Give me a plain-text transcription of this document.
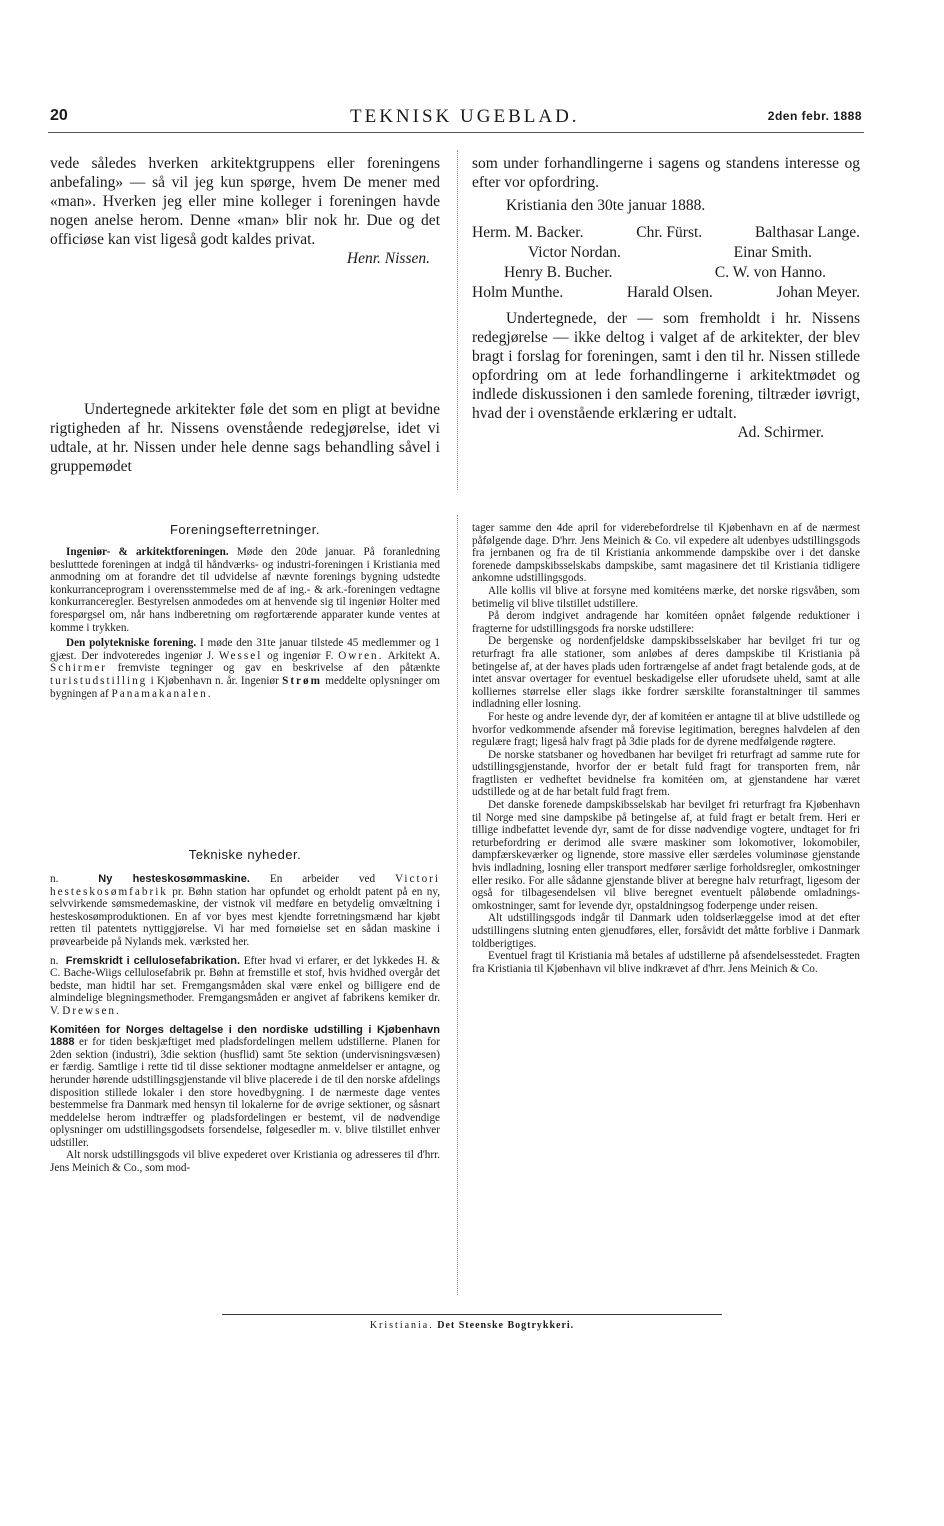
20	TEKNISK UGEBLAD.	2den febr. 1888

vede således hverken arkitektgruppens eller foreningens anbefaling» — så vil jeg kun spørge, hvem De mener med «man». Hverken jeg eller mine kolleger i foreningen havde nogen anelse herom. Denne «man» blir nok hr. Due og det officiøse kan vist ligeså godt kaldes privat.

Henr. Nissen.

Undertegnede arkitekter føle det som en pligt at bevidne rigtigheden af hr. Nissens ovenstående redegjørelse, idet vi udtale, at hr. Nissen under hele denne sags behandling såvel i gruppemødet

som under forhandlingerne i sagens og standens interesse og efter vor opfordring.

Kristiania den 30te januar 1888.

Herm. M. Backer.	Chr. Fürst.	Balthasar Lange.
Victor Nordan.	Einar Smith.
Henry B. Bucher.	C. W. von Hanno.
Holm Munthe.	Harald Olsen.	Johan Meyer.

Undertegnede, der — som fremholdt i hr. Nissens redegjørelse — ikke deltog i valget af de arkitekter, der blev bragt i forslag for foreningen, samt i den til hr. Nissen stillede opfordring om at lede forhandlingerne i arkitektmødet og indlede diskussionen i den samlede forening, tiltræder iøvrigt, hvad der i ovenstående erklæring er udtalt.

Ad. Schirmer.

Foreningsefterretninger.

Ingeniør- & arkitektforeningen. Møde den 20de januar. På foranledning beslutttede foreningen at indgå til håndværks- og industri-foreningen i Kristiania med anmodning om at forandre det til udvidelse af nævnte forenings bygning udstedte konkurranceprogram i overensstemmelse med de af ing.- & ark.-foreningen vedtagne konkurranceregler. Bestyrelsen anmodedes om at henvende sig til ingeniør Holter med forespørgsel om, når hans indberetning om røgfortærende apparater kunde ventes at komme i trykken.

Den polytekniske forening. I møde den 31te januar tilstede 45 medlemmer og 1 gjæst. Der indvoteredes ingeniør J. Wessel og ingeniør F. Owren. Arkitekt A. Schirmer fremviste tegninger og gav en beskrivelse af den påtænkte turistudstilling i Kjøbenhavn n. år. Ingeniør Strøm meddelte oplysninger om bygningen af Panamakanalen.

Tekniske nyheder.

n.	Ny hesteskosømmaskine. En arbeider ved Victori hesteskosømfabrik pr. Bøhn station har opfundet og erholdt patent på en ny, selvvirkende sømsmedemaskine, der vistnok vil medføre en betydelig omvæltning i hesteskosømproduktionen. En af vor byes mest kjendte forretningsmænd har kjøbt retten til patentets nyttiggjørelse. Vi har med fornøielse set en sådan maskine i prøvearbeide på Nylands mek. værksted her.

n. Fremskridt i cellulosefabrikation. Efter hvad vi erfarer, er det lykkedes H. & C. Bache-Wiigs cellulosefabrik pr. Bøhn at fremstille et stof, hvis hvidhed overgår det bedste, man hidtil har set. Fremgangsmåden skal være enkel og billigere end de almindelige blegningsmethoder. Fremgangsmåden er angivet af fabrikens kemiker dr. V. Drewsen.

Komitéen for Norges deltagelse i den nordiske udstilling i Kjøbenhavn 1888 er for tiden beskjæftiget med pladsfordelingen mellem udstillerne. Planen for 2den sektion (industri), 3die sektion (husflid) samt 5te sektion (undervisningsvæsen) er færdig. Samtlige i rette tid til disse sektioner modtagne anmeldelser er antagne, og herunder hørende udstillingsgjenstande vil blive placerede i de til den norske afdelings disposition stillede lokaler i den store hovedbygning. I de nærmeste dage ventes bestemmelse fra Danmark med hensyn til lokalerne for de øvrige sektioner, og såsnart meddelelse herom indtræffer og pladsfordelingen er bestemt, vil de nødvendige oplysninger om udstillingsgodsets forsendelse, følgesedler m. v. blive tilstillet enhver udstiller.

Alt norsk udstillingsgods vil blive expederet over Kristiania og adresseres til d'hrr. Jens Meinich & Co., som mod-

tager samme den 4de april for viderebefordrelse til Kjøbenhavn en af de nærmest påfølgende dage. D'hrr. Jens Meinich & Co. vil expedere alt udenbyes udstillingsgods fra jernbanen og fra de til Kristiania ankommende dampskibe over i det danske forenede dampskibsselskabs dampskibe, samt magasinere det til Kristiania tidligere ankomne udstillingsgods.

Alle kollis vil blive at forsyne med komitéens mærke, det norske rigsvåben, som betimelig vil blive tilstillet udstillere.

På derom indgivet andragende har komitéen opnået følgende reduktioner i fragterne for udstillingsgods fra norske udstillere:

De bergenske og nordenfjeldske dampskibsselskaber har bevilget fri tur og returfragt fra alle stationer, som anløbes af deres dampskibe til Kristiania på betingelse af, at der haves plads uden fortrængelse af andet fragt betalende gods, at de intet ansvar overtager for eventuel beskadigelse eller uforudsete uheld, samt at alle kolliernes størrelse eller slags ikke fordrer særskilte foranstaltninger til sammes indladning eller losning.

For heste og andre levende dyr, der af komitéen er antagne til at blive udstillede og hvorfor vedkommende afsender må forevise legitimation, beregnes halvdelen af den regulære fragt; ligeså halv fragt på 3die plads for de dyrene medfølgende røgtere.

De norske statsbaner og hovedbanen har bevilget fri returfragt ad samme rute for udstillingsgjenstande, hvorfor der er betalt fuld fragt for transporten frem, når fragtlisten er vedheftet bevidnelse fra komitéen om, at gjenstandene har været udstillede og at de har betalt fuld fragt frem.

Det danske forenede dampskibsselskab har bevilget fri returfragt fra Kjøbenhavn til Norge med sine dampskibe på betingelse af, at fuld fragt er betalt frem. Heri er tillige indbefattet levende dyr, samt de for disse nødvendige vogtere, undtaget for fri returbefordring er derimod alle svære maskiner som lokomotiver, lokomobiler, dampfærskeværker og lignende, store massive eller særdeles voluminøse gjenstande hvis indladning, losning eller transport medfører særlige forholdsregler, omkostninger eller resiko. For alle sådanne gjenstande bliver at beregne halv returfragt, ligesom der også for tilbagesendelsen vil blive beregnet eventuelt påløbende omladnings-omkostninger, samt for levende dyr, opstaldningsog foderpenge under reisen.

Alt udstillingsgods indgår til Danmark uden toldserlæggelse imod at det efter udstillingens slutning enten gjenudføres, eller, forsåvidt det måtte forblive i Danmark toldberigtiges.

Eventuel fragt til Kristiania må betales af udstillerne på afsendelsesstedet. Fragten fra Kristiania til Kjøbenhavn vil blive indkrævet af d'hrr. Jens Meinich & Co.

Kristiania. Det Steenske Bogtrykkeri.
